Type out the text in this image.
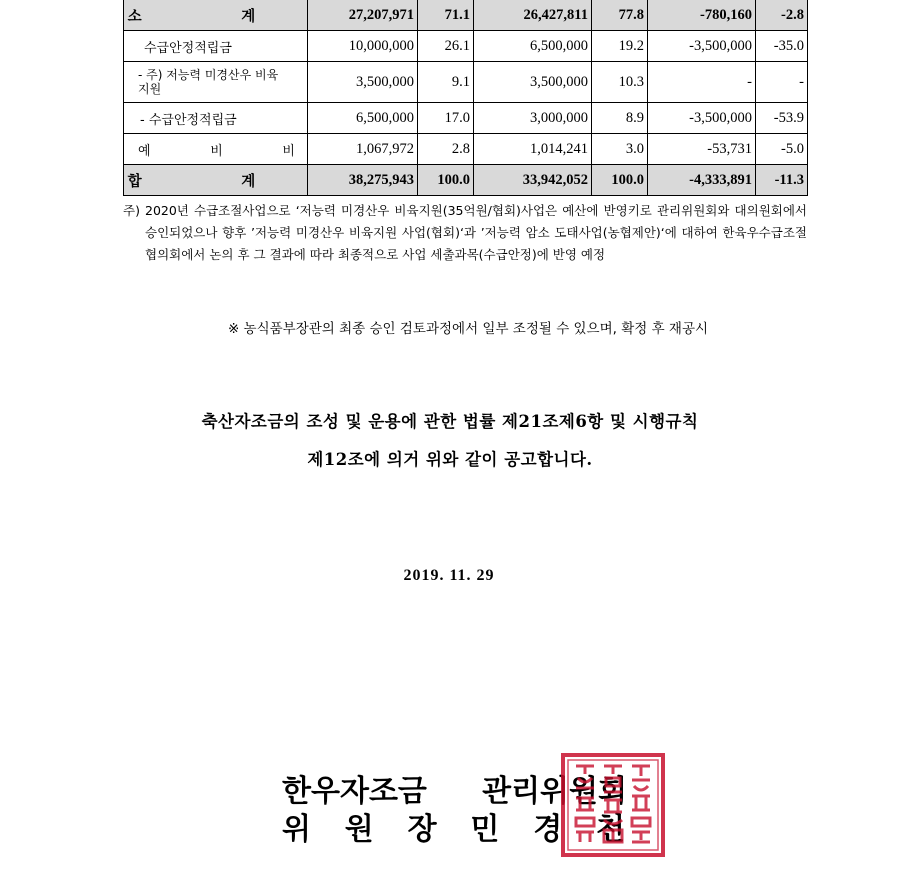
소 계	27,207,971	71.1	26,427,811	77.8	-780,160	-2.8
수급안정적립금	10,000,000	26.1	6,500,000	19.2	-3,500,000	-35.0
- 주) 저능력 미경산우 비육지원	3,500,000	9.1	3,500,000	10.3	-	-
- 수급안정적립금	6,500,000	17.0	3,000,000	8.9	-3,500,000	-53.9
예 비 비	1,067,972	2.8	1,014,241	3.0	-53,731	-5.0
합 계	38,275,943	100.0	33,942,052	100.0	-4,333,891	-11.3
주) 2020년 수급조절사업으로 ‘저능력 미경산우 비육지원(35억원/협회)사업은 예산에 반영키로 관리위원회와 대의원회에서 승인되었으나 향후 ’저능력 미경산우 비육지원 사업(협회)‘과 ’저능력 암소 도태사업(농협제안)‘에 대하여 한육우수급조절협의회에서 논의 후 그 결과에 따라 최종적으로 사업 세출과목(수급안정)에 반영 예정
※ 농식품부장관의 최종 승인 검토과정에서 일부 조정될 수 있으며, 확정 후 재공시
축산자조금의 조성 및 운용에 관한 법률 제21조제6항 및 시행규칙
제12조에 의거 위와 같이 공고합니다.
2019. 11. 29
한우자조금 관리위원회
위 원 장 민 경 천
